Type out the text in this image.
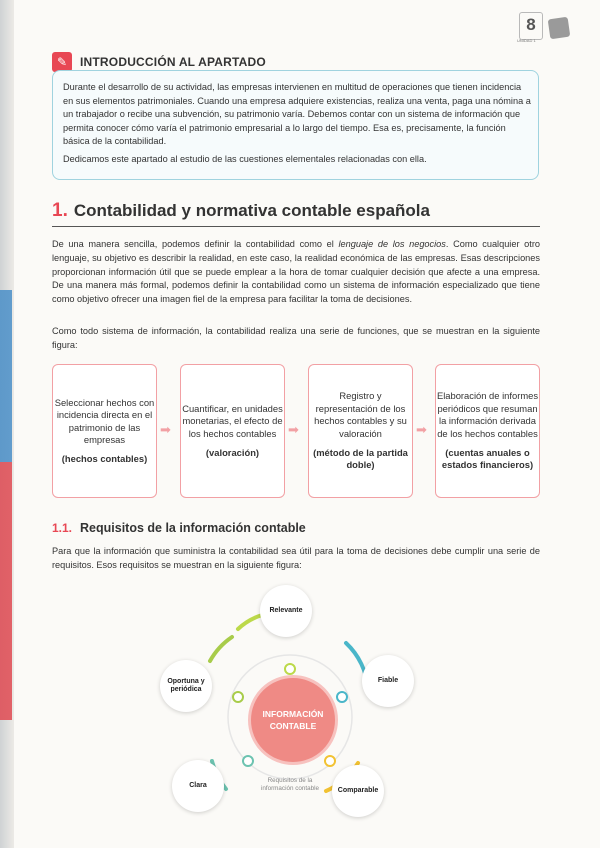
8
UNIDAD 1
✎	INTRODUCCIÓN AL APARTADO

Durante el desarrollo de su actividad, las empresas intervienen en multitud de operaciones que tienen incidencia en sus elementos patrimoniales. Cuando una empresa adquiere existencias, realiza una venta, paga una nómina a un trabajador o recibe una subvención, su patrimonio varía. Debemos contar con un sistema de información que permita conocer cómo varía el patrimonio empresarial a lo largo del tiempo. Esa es, precisamente, la función básica de la contabilidad.

Dedicamos este apartado al estudio de las cuestiones elementales relacionadas con ella.

1. Contabilidad y normativa contable española

De una manera sencilla, podemos definir la contabilidad como el lenguaje de los negocios. Como cualquier otro lenguaje, su objetivo es describir la realidad, en este caso, la realidad económica de las empresas. Esas descripciones proporcionan información útil que se puede emplear a la hora de tomar cualquier decisión que afecte a una empresa. De una manera más formal, podemos definir la contabilidad como un sistema de información especializado que tiene como objetivo ofrecer una imagen fiel de la empresa para facilitar la toma de decisiones.

Como todo sistema de información, la contabilidad realiza una serie de funciones, que se muestran en la siguiente figura:

Seleccionar hechos con incidencia directa en el patrimonio de las empresas
(hechos contables)
➡
Cuantificar, en unidades monetarias, el efecto de los hechos contables
(valoración)
➡
Registro y representación de los hechos contables y su valoración
(método de la partida doble)
➡
Elaboración de informes periódicos que resuman la información derivada de los hechos contables
(cuentas anuales o estados financieros)
1.1. Requisitos de la información contable

Para que la información que suministra la contabilidad sea útil para la toma de decisiones debe cumplir una serie de requisitos. Esos requisitos se muestran en la siguiente figura:

INFORMACIÓN
CONTABLE
Relevante
Fiable
Comparable
Clara
Oportuna y periódica
Requisitos de la información contable
